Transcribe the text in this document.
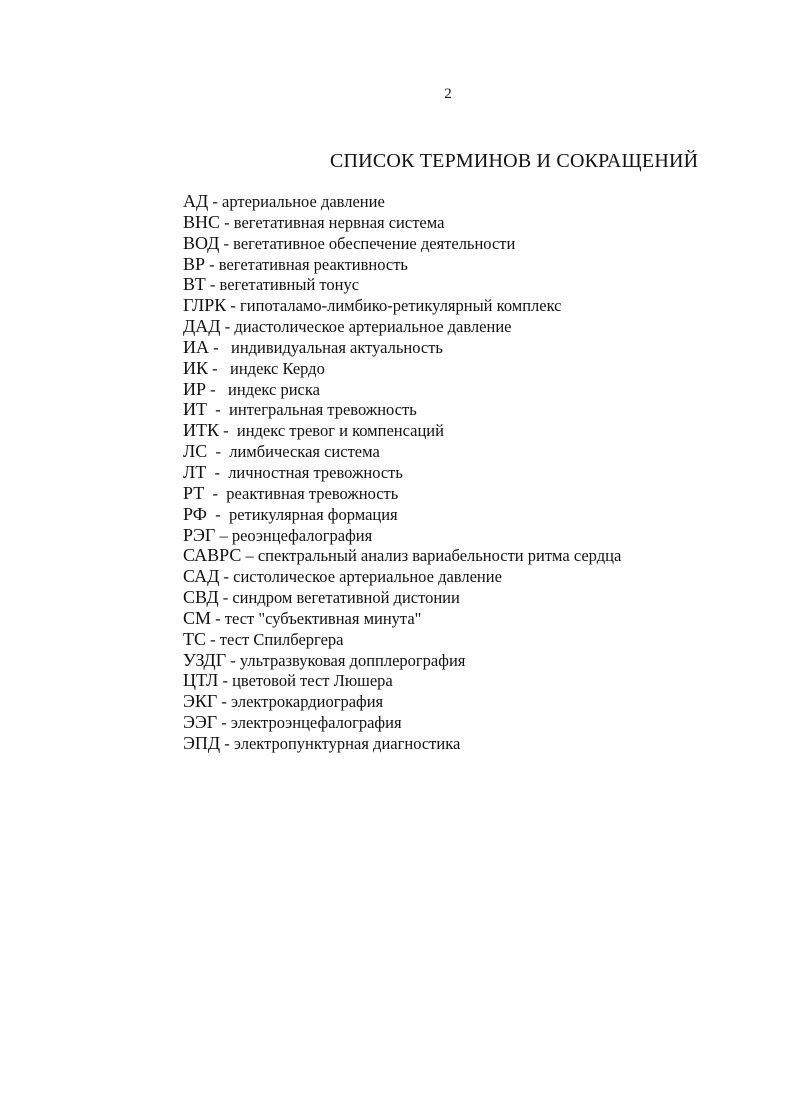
2
СПИСОК ТЕРМИНОВ И СОКРАЩЕНИЙ
АД - артериальное давление
ВНС - вегетативная нервная система
ВОД - вегетативное обеспечение деятельности
ВР - вегетативная реактивность
ВТ - вегетативный тонус
ГЛРК - гипоталамо-лимбико-ретикулярный комплекс
ДАД - диастолическое артериальное давление
ИА -   индивидуальная актуальность
ИК -   индекс Кердо
ИР -   индекс риска
ИТ  -  интегральная тревожность
ИТК -  индекс тревог и компенсаций
ЛС  -  лимбическая система
ЛТ  -  личностная тревожность
РТ  -  реактивная тревожность
РФ  -  ретикулярная формация
РЭГ – реоэнцефалография
САВРС – спектральный анализ вариабельности ритма сердца
САД - систолическое артериальное давление
СВД - синдром вегетативной дистонии
СМ - тест "субъективная минута"
ТС - тест Спилбергера
УЗДГ - ультразвуковая допплерография
ЦТЛ - цветовой тест Люшера
ЭКГ - электрокардиография
ЭЭГ - электроэнцефалография
ЭПД - электропунктурная диагностика
